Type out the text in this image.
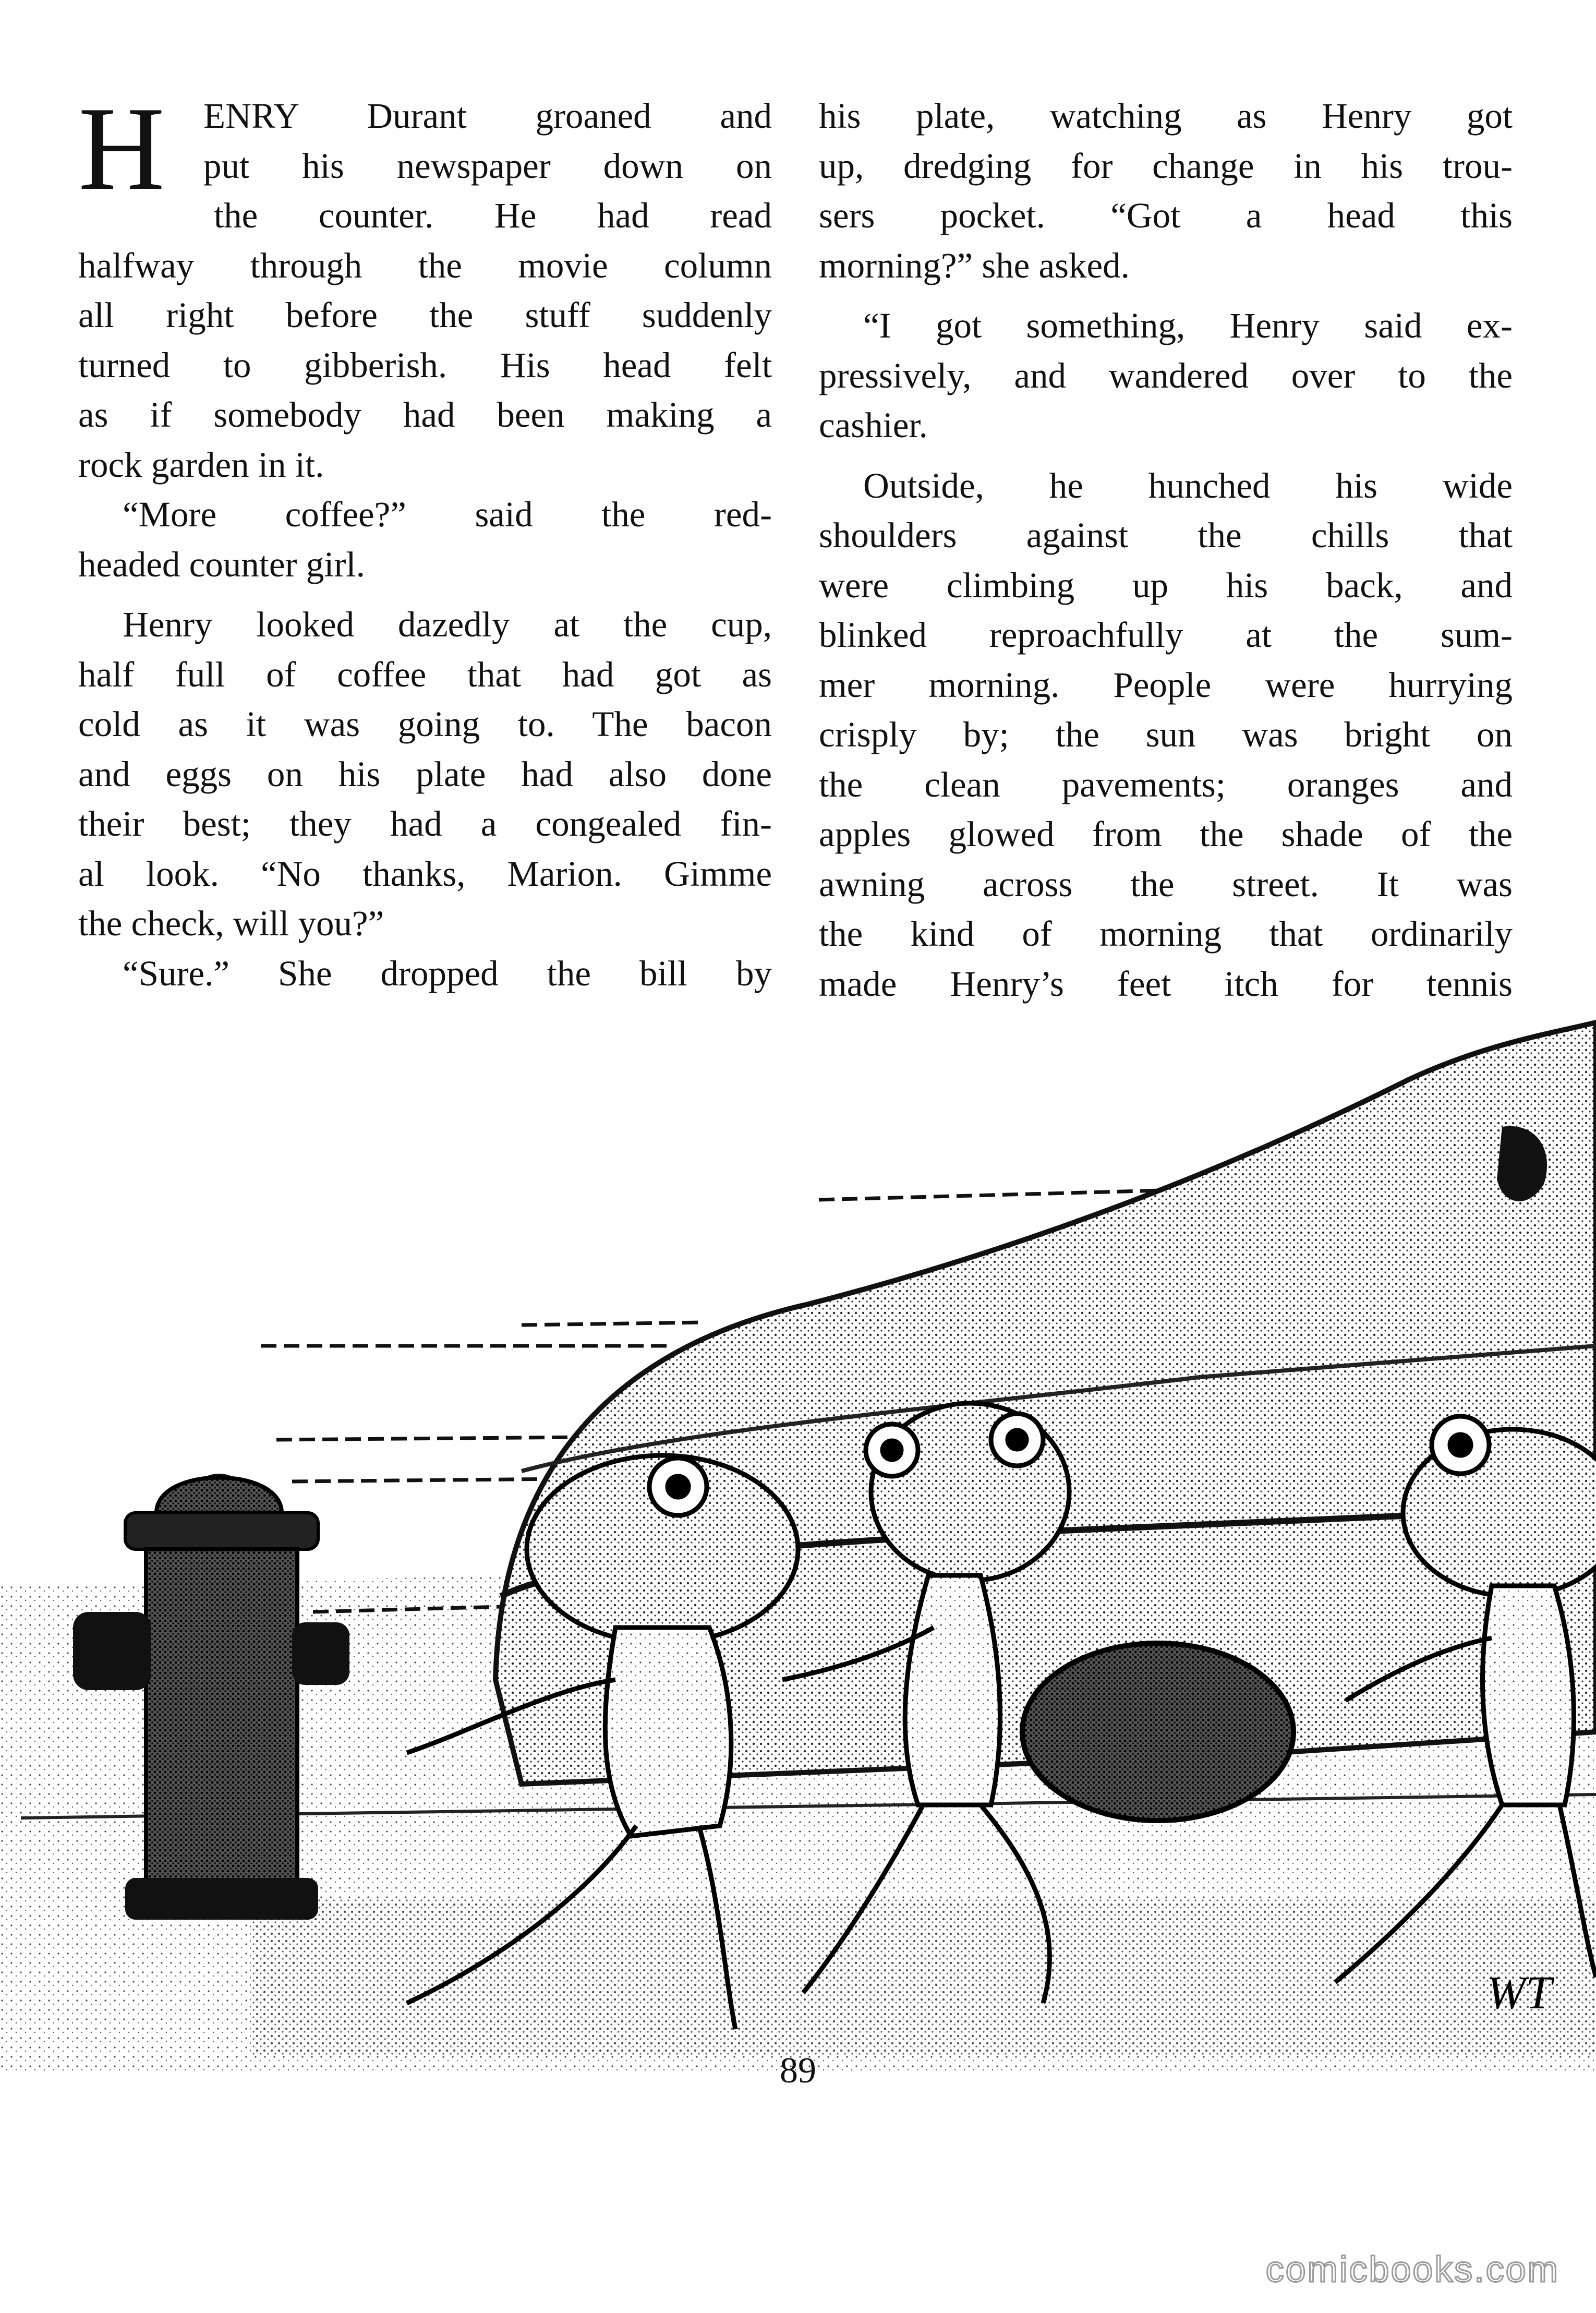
H	ENRY Durant groaned and
put his newspaper down on
the counter. He had read
halfway through the movie column
all right before the stuff suddenly
turned to gibberish. His head felt
as if somebody had been making a
rock garden in it.
“More coffee?” said the red-
headed counter girl.
Henry looked dazedly at the cup,
half full of coffee that had got as
cold as it was going to. The bacon
and eggs on his plate had also done
their best; they had a congealed fin-
al look. “No thanks, Marion. Gimme
the check, will you?”
“Sure.” She dropped the bill by
his plate, watching as Henry got
up, dredging for change in his trou-
sers pocket. “Got a head this
morning?” she asked.
“I got something, Henry said ex-
pressively, and wandered over to the
cashier.
Outside, he hunched his wide
shoulders against the chills that
were climbing up his back, and
blinked reproachfully at the sum-
mer morning. People were hurrying
crisply by; the sun was bright on
the clean pavements; oranges and
apples glowed from the shade of the
awning across the street. It was
the kind of morning that ordinarily
made Henry’s feet itch for tennis
WT
89
comicbooks.com
